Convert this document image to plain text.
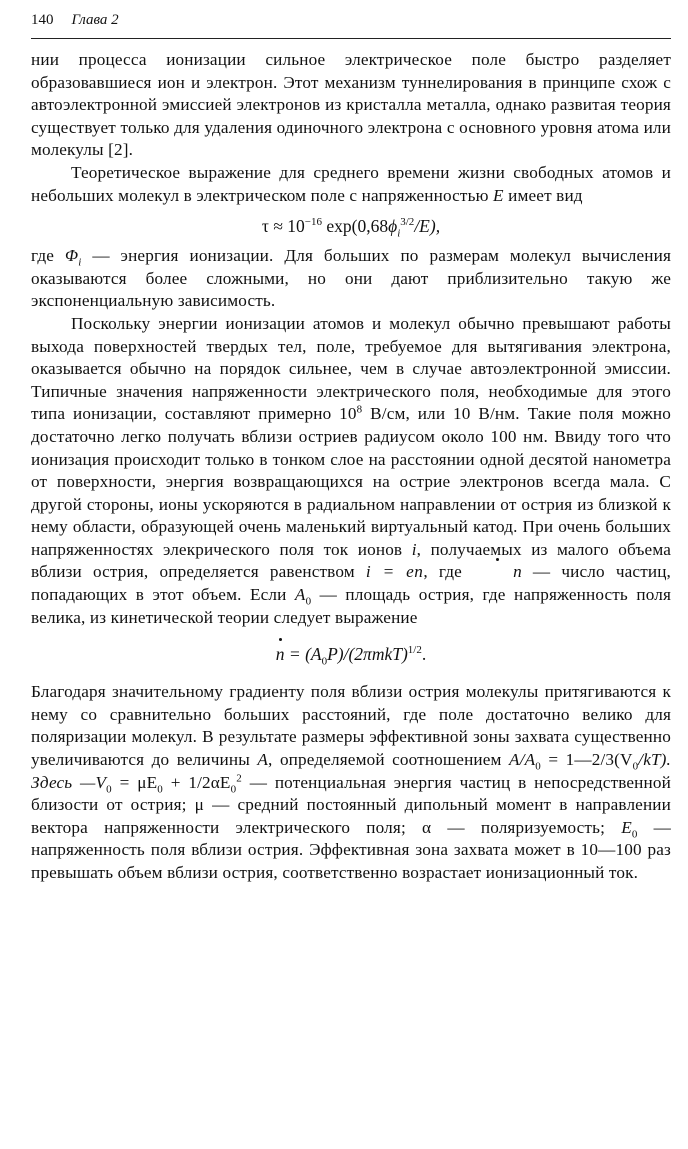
140 Глава 2

нии процесса ионизации сильное электрическое поле быстро разделяет образовавшиеся ион и электрон. Этот механизм туннелирования в принципе схож с автоэлектронной эмиссией электронов из кристалла металла, однако развитая теория существует только для удаления одиночного электрона с основного уровня атома или молекулы [2].

Теоретическое выражение для среднего времени жизни свободных атомов и небольших молекул в электрическом поле с напряженностью E имеет вид

$\tau \approx 10^{-16}$ $\exp(0,68\phi_i^{3/2}/E)$,

где $\Phi_i$ — энергия ионизации. Для больших по размерам молекул вычисления оказываются более сложными, но они дают приблизительно такую же экспоненциальную зависимость.

Поскольку энергии ионизации атомов и молекул обычно превышают работы выхода поверхностей твердых тел, поле, требуемое для вытягивания электрона, оказывается обычно на порядок сильнее, чем в случае автоэлектронной эмиссии. Типичные значения напряженности электрического поля, необходимые для этого типа ионизации, составляют примерно $10^8$ В/см, или 10 В/нм. Такие поля можно достаточно легко получать вблизи остриев радиусом около 100 нм. Ввиду того что ионизация происходит только в тонком слое на расстоянии одной десятой нанометра от поверхности, энергия возвращающихся на острие электронов всегда мала. С другой стороны, ионы ускоряются в радиальном направлении от острия из близкой к нему области, образующей очень маленький виртуальный катод. При очень больших напряженностях элекрического поля ток ионов i, получаемых из малого объема вблизи острия, определяется равенством i = en, где	n — число частиц, попадающих в этот объем. Если $A_0$ — площадь острия, где напряженность поля велика, из кинетической теории следует выражение

$n = (A_0P)/(2\pi mkT)^{1/2}$.

Благодаря значительному градиенту поля вблизи острия молекулы притягиваются к нему со сравнительно больших расстояний, где поле достаточно велико для поляризации молекул. В результате размеры эффективной зоны захвата существенно увеличиваются до величины A, определяемой соотношением $A/A_0$ = $1—2/3(V_0/kT)$. Здесь $—V_0 = \mu E_0 + 1/2\alpha E_0^2$ — потенциальная энергия частиц в непосредственной близости от острия; μ — средний постоянный дипольный момент в направлении вектора напряженности электрического поля; α — поляризуемость; $E_0$ — напряженность поля вблизи острия. Эффективная зона захвата может в 10—100 раз превышать объем вблизи острия, соответственно возрастает ионизационный ток.
